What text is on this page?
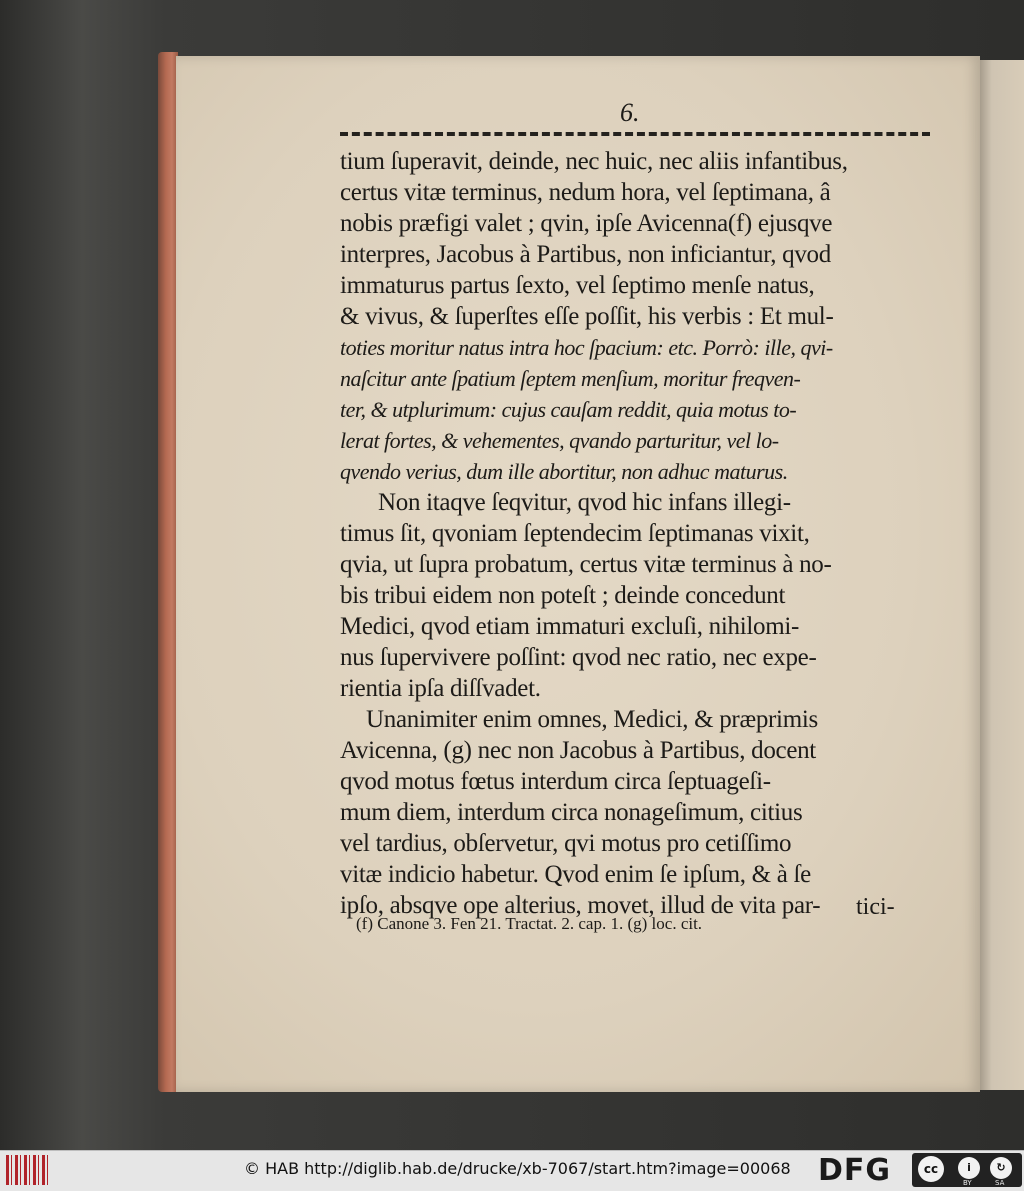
6.

tium ſuperavit, deinde, nec huic, nec aliis infantibus,
certus vitæ terminus, nedum hora, vel ſeptimana, â
nobis præfigi valet ; qvin, ipſe Avicenna(f) ejusqve
interpres, Jacobus à Partibus, non inficiantur, qvod
immaturus partus ſexto, vel ſeptimo menſe natus,
& vivus, & ſuperſtes eſſe poſſit, his verbis : Et mul-
toties moritur natus intra hoc ſpacium: etc. Porrò: ille, qvi-
naſcitur ante ſpatium ſeptem menſium, moritur freqven-
ter, & utplurimum: cujus cauſam reddit, quia motus to-
lerat fortes, & vehementes, qvando parturitur, vel lo-
qvendo verius, dum ille abortitur, non adhuc maturus.
Non itaqve ſeqvitur, qvod hic infans illegi-
timus ſit, qvoniam ſeptendecim ſeptimanas vixit,
qvia, ut ſupra probatum, certus vitæ terminus à no-
bis tribui eidem non poteſt ; deinde concedunt
Medici, qvod etiam immaturi excluſi, nihilomi-
nus ſupervivere poſſint: qvod nec ratio, nec expe-
rientia ipſa diſſvadet.
Unanimiter enim omnes, Medici, & præprimis
Avicenna, (g) nec non Jacobus à Partibus, docent
qvod motus fœtus interdum circa ſeptuageſi-
mum diem, interdum circa nonageſimum, citius
vel tardius, obſervetur, qvi motus pro cetiſſimo
vitæ indicio habetur. Qvod enim ſe ipſum, & à ſe
ipſo, absqve ope alterius, movet, illud de vita par-	tici-

(f) Canone 3. Fen 21. Tractat. 2. cap. 1. (g) loc. cit.

© HAB http://diglib.hab.de/drucke/xb-7067/start.htm?image=00068 DFG	cc	i	↻
BY	SA
